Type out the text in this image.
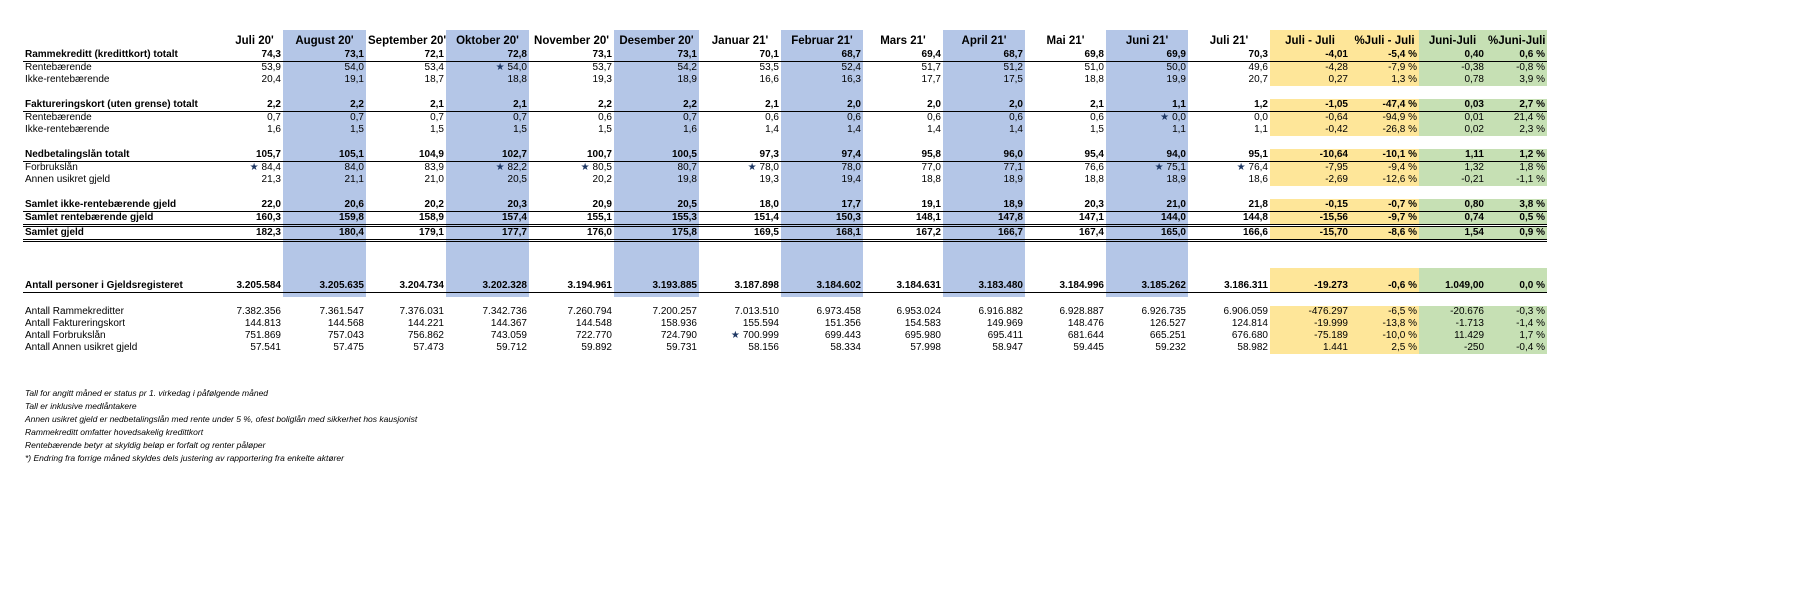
	Juli 20'	August 20'	September 20'	Oktober 20'	November 20'	Desember 20'	Januar 21'	Februar 21'	Mars 21'	April 21'	Mai 21'	Juni 21'	Juli 21'	Juli - Juli	%Juli - Juli	Juni-Juli	%Juni-Juli
Rammekreditt (kredittkort) totalt	74,3	73,1	72,1	72,8	73,1	73,1	70,1	68,7	69,4	68,7	69,8	69,9	70,3	-4,01	-5,4 %	0,40	0,6 %
Rentebærende	53,9	54,0	53,4	★ 54,0	53,7	54,2	53,5	52,4	51,7	51,2	51,0	50,0	49,6	-4,28	-7,9 %	-0,38	-0,8 %
Ikke-rentebærende	20,4	19,1	18,7	18,8	19,3	18,9	16,6	16,3	17,7	17,5	18,8	19,9	20,7	0,27	1,3 %	0,78	3,9 %

Faktureringskort (uten grense) totalt	2,2	2,2	2,1	2,1	2,2	2,2	2,1	2,0	2,0	2,0	2,1	1,1	1,2	-1,05	-47,4 %	0,03	2,7 %
Rentebærende	0,7	0,7	0,7	0,7	0,6	0,7	0,6	0,6	0,6	0,6	0,6	★ 0,0	0,0	-0,64	-94,9 %	0,01	21,4 %
Ikke-rentebærende	1,6	1,5	1,5	1,5	1,5	1,6	1,4	1,4	1,4	1,4	1,5	1,1	1,1	-0,42	-26,8 %	0,02	2,3 %

Nedbetalingslån totalt	105,7	105,1	104,9	102,7	100,7	100,5	97,3	97,4	95,8	96,0	95,4	94,0	95,1	-10,64	-10,1 %	1,11	1,2 %
Forbrukslån	★ 84,4	84,0	83,9	★ 82,2	★ 80,5	80,7	★ 78,0	78,0	77,0	77,1	76,6	★ 75,1	★ 76,4	-7,95	-9,4 %	1,32	1,8 %
Annen usikret gjeld	21,3	21,1	21,0	20,5	20,2	19,8	19,3	19,4	18,8	18,9	18,8	18,9	18,6	-2,69	-12,6 %	-0,21	-1,1 %

Samlet ikke-rentebærende gjeld	22,0	20,6	20,2	20,3	20,9	20,5	18,0	17,7	19,1	18,9	20,3	21,0	21,8	-0,15	-0,7 %	0,80	3,8 %
Samlet rentebærende gjeld	160,3	159,8	158,9	157,4	155,1	155,3	151,4	150,3	148,1	147,8	147,1	144,0	144,8	-15,56	-9,7 %	0,74	0,5 %
Samlet gjeld	182,3	180,4	179,1	177,7	176,0	175,8	169,5	168,1	167,2	166,7	167,4	165,0	166,6	-15,70	-8,6 %	1,54	0,9 %

Antall personer i Gjeldsregisteret	3.205.584	3.205.635	3.204.734	3.202.328	3.194.961	3.193.885	3.187.898	3.184.602	3.184.631	3.183.480	3.184.996	3.185.262	3.186.311	-19.273	-0,6 %	1.049,00	0,0 %

Antall Rammekreditter	7.382.356	7.361.547	7.376.031	7.342.736	7.260.794	7.200.257	7.013.510	6.973.458	6.953.024	6.916.882	6.928.887	6.926.735	6.906.059	-476.297	-6,5 %	-20.676	-0,3 %
Antall Faktureringskort	144.813	144.568	144.221	144.367	144.548	158.936	155.594	151.356	154.583	149.969	148.476	126.527	124.814	-19.999	-13,8 %	-1.713	-1,4 %
Antall Forbrukslån	751.869	757.043	756.862	743.059	722.770	724.790	★ 700.999	699.443	695.980	695.411	681.644	665.251	676.680	-75.189	-10,0 %	11.429	1,7 %
Antall Annen usikret gjeld	57.541	57.475	57.473	59.712	59.892	59.731	58.156	58.334	57.998	58.947	59.445	59.232	58.982	1.441	2,5 %	-250	-0,4 %
Tall for angitt måned er status pr 1. virkedag i påfølgende måned
Tall er inklusive medlåntakere
Annen usikret gjeld er nedbetalingslån med rente under 5 %, ofest boliglån med sikkerhet hos kausjonist
Rammekreditt omfatter hovedsakelig kredittkort
Rentebærende betyr at skyldig beløp er forfalt og renter påløper
*) Endring fra forrige måned skyldes dels justering av rapportering fra enkelte aktører
